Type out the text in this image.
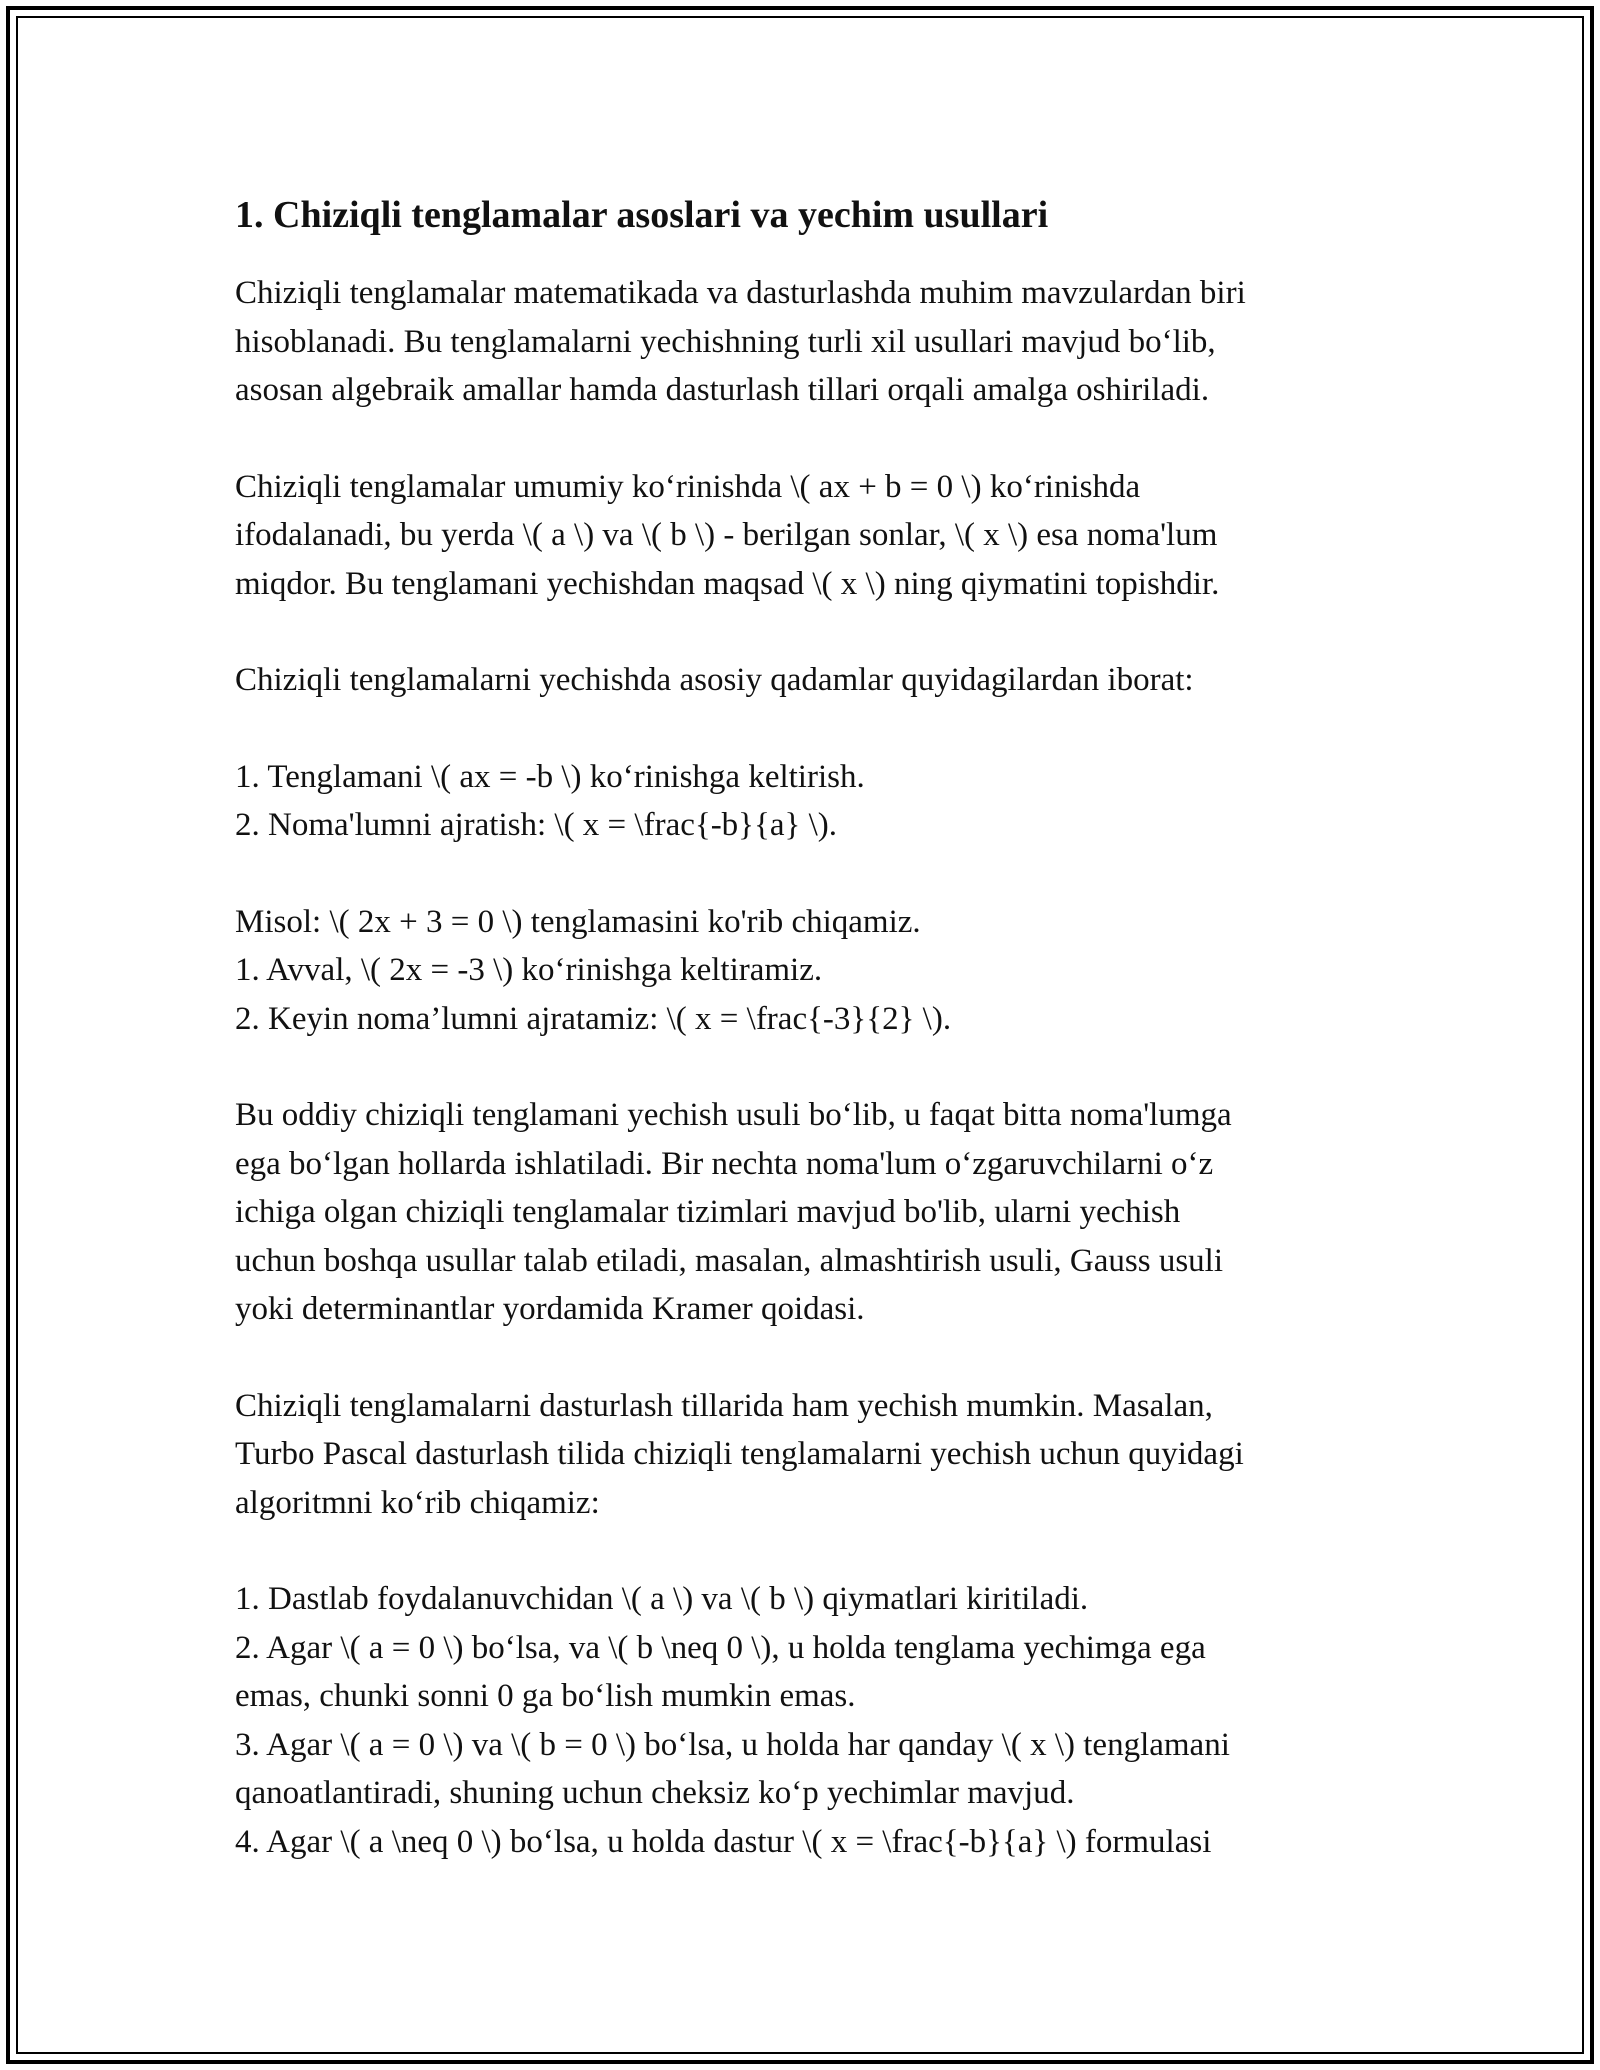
1. Chiziqli tenglamalar asoslari va yechim usullari

Chiziqli tenglamalar matematikada va dasturlashda muhim mavzulardan biri
hisoblanadi. Bu tenglamalarni yechishning turli xil usullari mavjud bo‘lib,
asosan algebraik amallar hamda dasturlash tillari orqali amalga oshiriladi.

Chiziqli tenglamalar umumiy ko‘rinishda \( ax + b = 0 \) ko‘rinishda
ifodalanadi, bu yerda \( a \) va \( b \) - berilgan sonlar, \( x \) esa noma'lum
miqdor. Bu tenglamani yechishdan maqsad \( x \) ning qiymatini topishdir.

Chiziqli tenglamalarni yechishda asosiy qadamlar quyidagilardan iborat:

1. Tenglamani \( ax = -b \) ko‘rinishga keltirish.
2. Noma'lumni ajratish: \( x = \frac{-b}{a} \).

Misol: \( 2x + 3 = 0 \) tenglamasini ko'rib chiqamiz.
1. Avval, \( 2x = -3 \) ko‘rinishga keltiramiz.
2. Keyin noma’lumni ajratamiz: \( x = \frac{-3}{2} \).

Bu oddiy chiziqli tenglamani yechish usuli bo‘lib, u faqat bitta noma'lumga
ega bo‘lgan hollarda ishlatiladi. Bir nechta noma'lum o‘zgaruvchilarni o‘z
ichiga olgan chiziqli tenglamalar tizimlari mavjud bo'lib, ularni yechish
uchun boshqa usullar talab etiladi, masalan, almashtirish usuli, Gauss usuli
yoki determinantlar yordamida Kramer qoidasi.

Chiziqli tenglamalarni dasturlash tillarida ham yechish mumkin. Masalan,
Turbo Pascal dasturlash tilida chiziqli tenglamalarni yechish uchun quyidagi
algoritmni ko‘rib chiqamiz:

1. Dastlab foydalanuvchidan \( a \) va \( b \) qiymatlari kiritiladi.
2. Agar \( a = 0 \) bo‘lsa, va \( b \neq 0 \), u holda tenglama yechimga ega
emas, chunki sonni 0 ga bo‘lish mumkin emas.
3. Agar \( a = 0 \) va \( b = 0 \) bo‘lsa, u holda har qanday \( x \) tenglamani
qanoatlantiradi, shuning uchun cheksiz ko‘p yechimlar mavjud.
4. Agar \( a \neq 0 \) bo‘lsa, u holda dastur \( x = \frac{-b}{a} \) formulasi
